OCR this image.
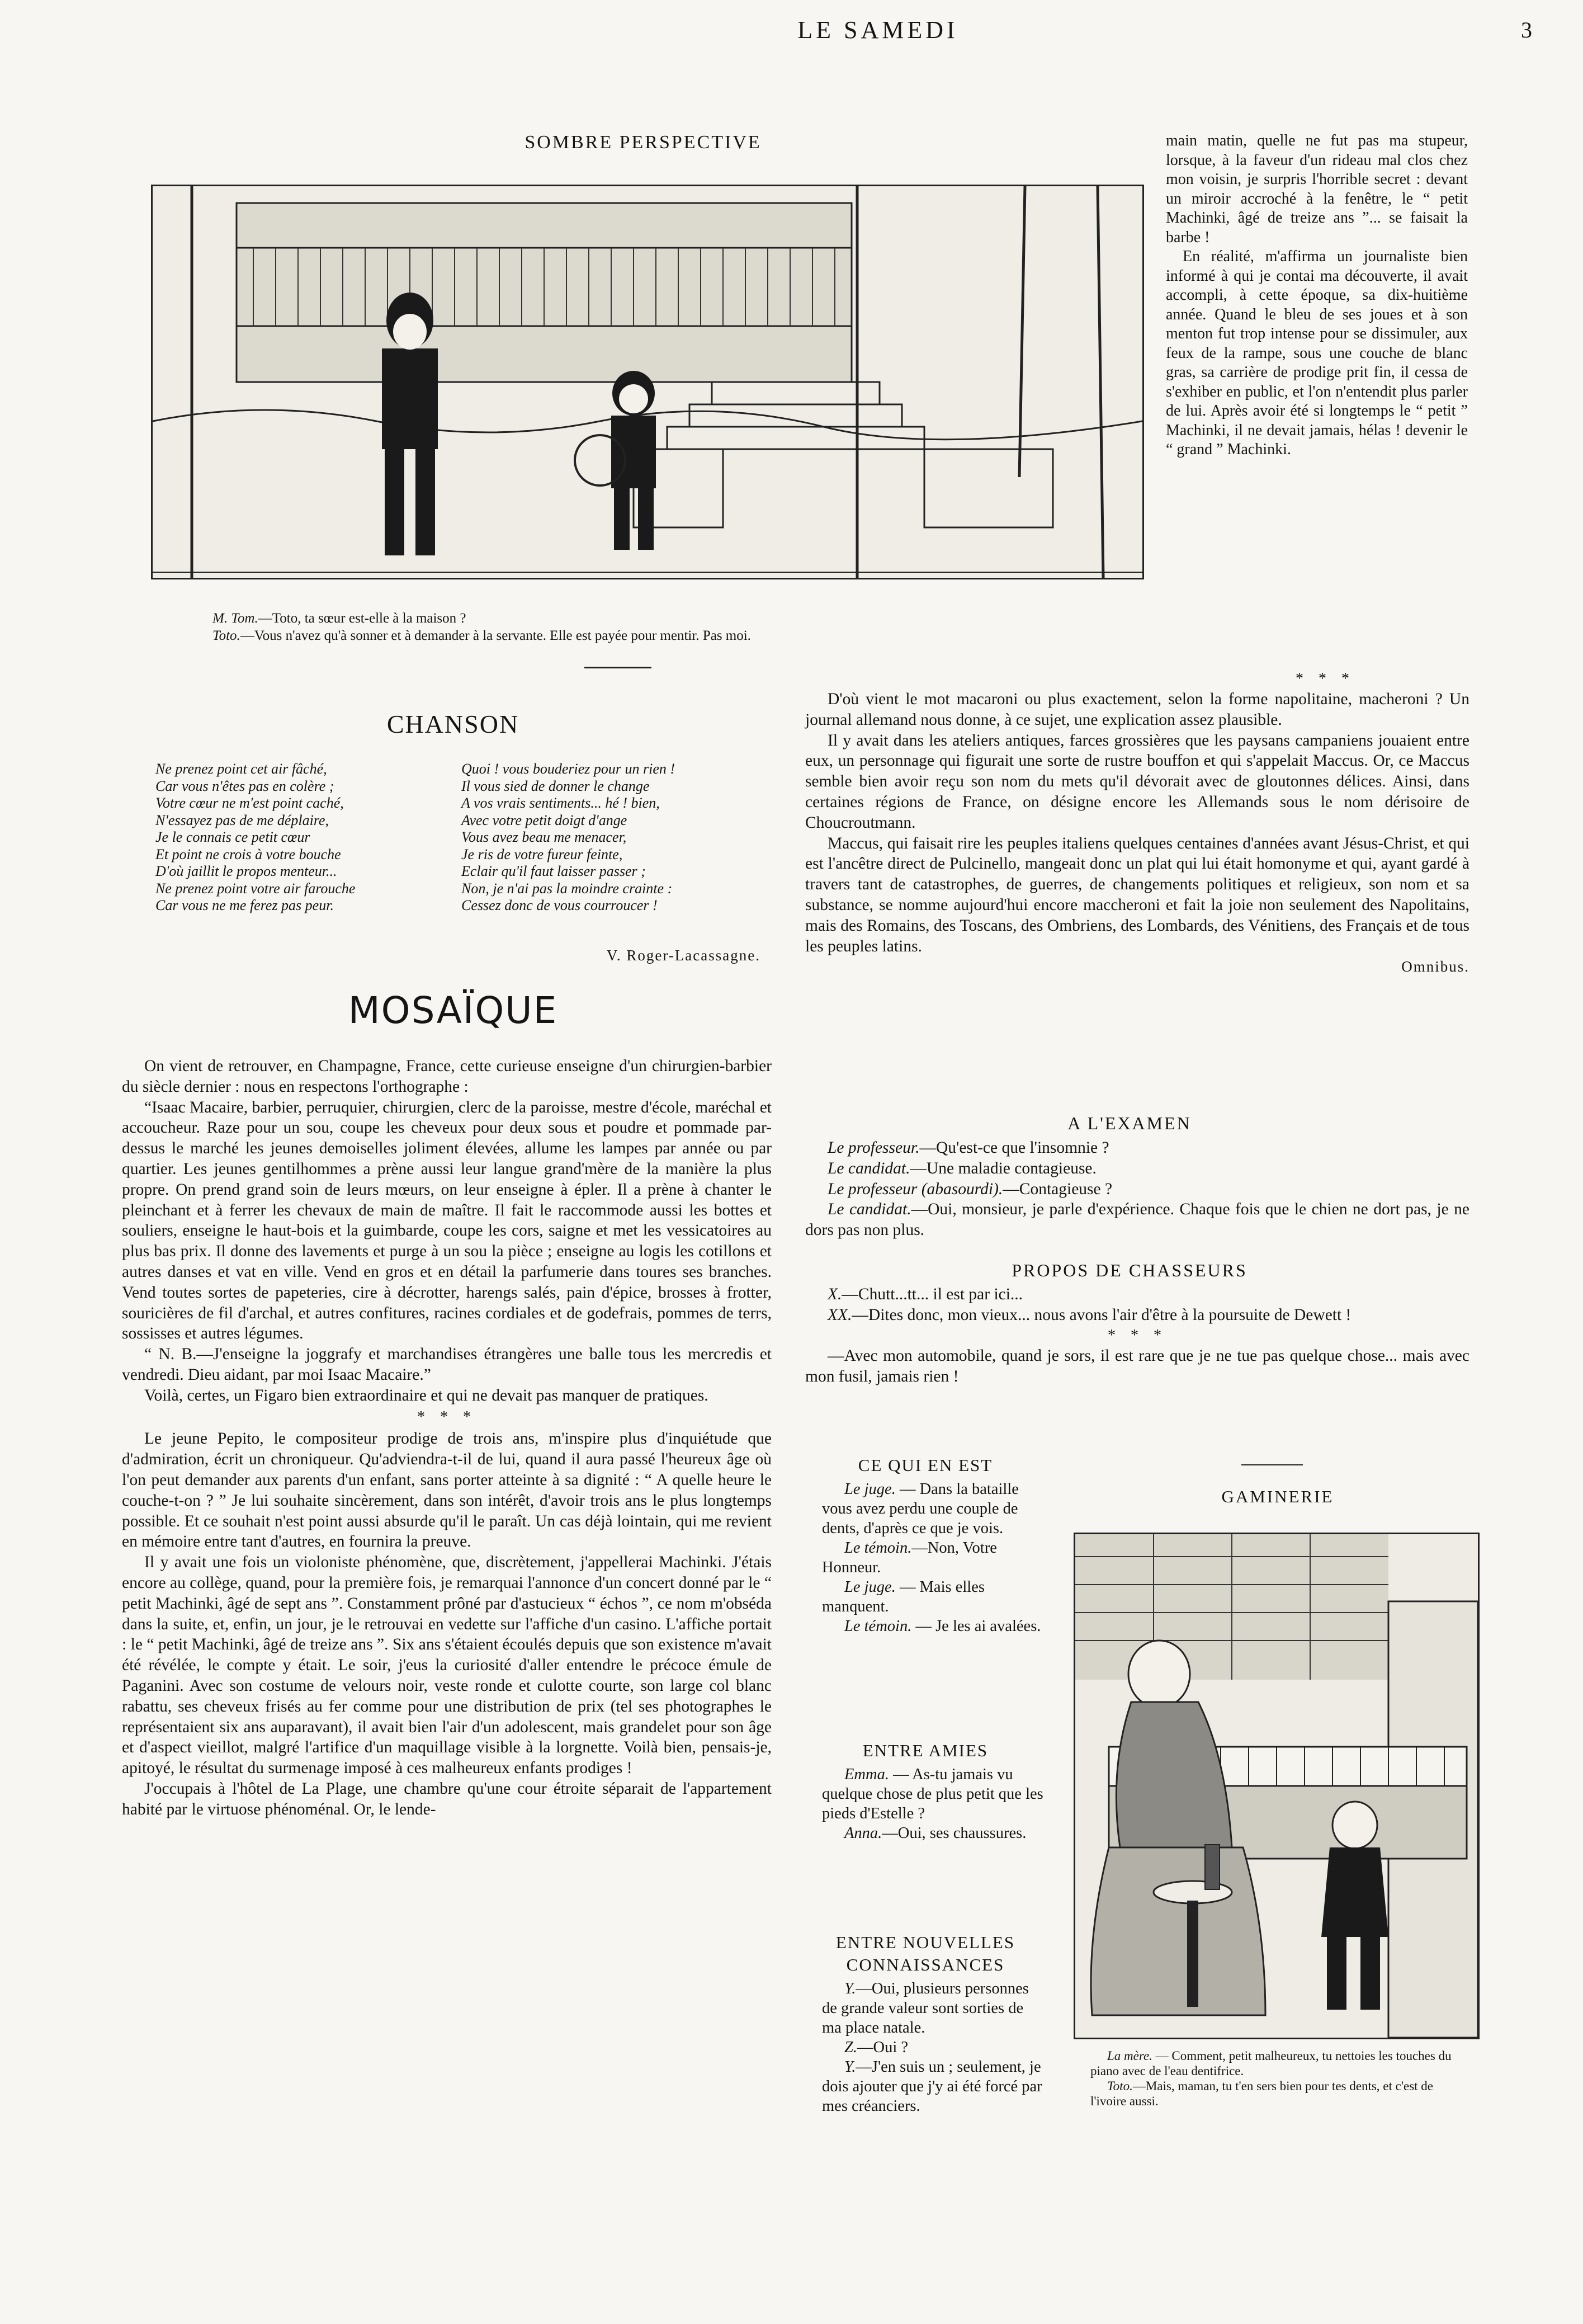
LE SAMEDI	3
SOMBRE PERSPECTIVE

M. Tom.—Toto, ta sœur est-elle à la maison ?

Toto.—Vous n'avez qu'à sonner et à demander à la servante. Elle est payée pour mentir. Pas moi.

main matin, quelle ne fut pas ma stupeur, lorsque, à la faveur d'un rideau mal clos chez mon voisin, je surpris l'horrible secret : devant un miroir accroché à la fenêtre, le “ petit Machinki, âgé de treize ans ”... se faisait la barbe !

En réalité, m'affirma un journaliste bien informé à qui je contai ma découverte, il avait accompli, à cette époque, sa dix-huitième année. Quand le bleu de ses joues et à son menton fut trop intense pour se dissimuler, aux feux de la rampe, sous une couche de blanc gras, sa carrière de prodige prit fin, il cessa de s'exhiber en public, et l'on n'entendit plus parler de lui. Après avoir été si longtemps le “ petit ” Machinki, il ne devait jamais, hélas ! devenir le “ grand ” Machinki.

* * *
CHANSON
Ne prenez point cet air fâché,
Car vous n'êtes pas en colère ;
Votre cœur ne m'est point caché,
N'essayez pas de me déplaire,
Je le connais ce petit cœur
Et point ne crois à votre bouche
D'où jaillit le propos menteur...
Ne prenez point votre air farouche
Car vous ne me ferez pas peur.
Quoi ! vous bouderiez pour un rien !
Il vous sied de donner le change
A vos vrais sentiments... hé ! bien,
Avec votre petit doigt d'ange
Vous avez beau me menacer,
Je ris de votre fureur feinte,
Eclair qu'il faut laisser passer ;
Non, je n'ai pas la moindre crainte :
Cessez donc de vous courroucer !
V. Roger-Lacassagne.
MOSAÏQUE

On vient de retrouver, en Champagne, France, cette curieuse enseigne d'un chirurgien-barbier du siècle dernier : nous en respectons l'orthographe :

“Isaac Macaire, barbier, perruquier, chirurgien, clerc de la paroisse, mestre d'école, maréchal et accoucheur. Raze pour un sou, coupe les cheveux pour deux sous et poudre et pommade par-dessus le marché les jeunes demoiselles joliment élevées, allume les lampes par année ou par quartier. Les jeunes gentilhommes a prène aussi leur langue grand'mère de la manière la plus propre. On prend grand soin de leurs mœurs, on leur enseigne à épler. Il a prène à chanter le pleinchant et à ferrer les chevaux de main de maître. Il fait le raccommode aussi les bottes et souliers, enseigne le haut-bois et la guimbarde, coupe les cors, saigne et met les vessicatoires au plus bas prix. Il donne des lavements et purge à un sou la pièce ; enseigne au logis les cotillons et autres danses et vat en ville. Vend en gros et en détail la parfumerie dans toures ses branches. Vend toutes sortes de papeteries, cire à décrotter, harengs salés, pain d'épice, brosses à frotter, souricières de fil d'archal, et autres confitures, racines cordiales et de godefrais, pommes de terrs, sossisses et autres légumes.

“ N. B.—J'enseigne la joggrafy et marchandises étrangères une balle tous les mercredis et vendredi. Dieu aidant, par moi Isaac Macaire.”

Voilà, certes, un Figaro bien extraordinaire et qui ne devait pas manquer de pratiques.

* * *

Le jeune Pepito, le compositeur prodige de trois ans, m'inspire plus d'inquiétude que d'admiration, écrit un chroniqueur. Qu'adviendra-t-il de lui, quand il aura passé l'heureux âge où l'on peut demander aux parents d'un enfant, sans porter atteinte à sa dignité : “ A quelle heure le couche-t-on ? ” Je lui souhaite sincèrement, dans son intérêt, d'avoir trois ans le plus longtemps possible. Et ce souhait n'est point aussi absurde qu'il le paraît. Un cas déjà lointain, qui me revient en mémoire entre tant d'autres, en fournira la preuve.

Il y avait une fois un violoniste phénomène, que, discrètement, j'appellerai Machinki. J'étais encore au collège, quand, pour la première fois, je remarquai l'annonce d'un concert donné par le “ petit Machinki, âgé de sept ans ”. Constamment prôné par d'astucieux “ échos ”, ce nom m'obséda dans la suite, et, enfin, un jour, je le retrouvai en vedette sur l'affiche d'un casino. L'affiche portait : le “ petit Machinki, âgé de treize ans ”. Six ans s'étaient écoulés depuis que son existence m'avait été révélée, le compte y était. Le soir, j'eus la curiosité d'aller entendre le précoce émule de Paganini. Avec son costume de velours noir, veste ronde et culotte courte, son large col blanc rabattu, ses cheveux frisés au fer comme pour une distribution de prix (tel ses photographes le représentaient six ans auparavant), il avait bien l'air d'un adolescent, mais grandelet pour son âge et d'aspect vieillot, malgré l'artifice d'un maquillage visible à la lorgnette. Voilà bien, pensais-je, apitoyé, le résultat du surmenage imposé à ces malheureux enfants prodiges !

J'occupais à l'hôtel de La Plage, une chambre qu'une cour étroite séparait de l'appartement habité par le virtuose phénoménal. Or, le lende-

D'où vient le mot macaroni ou plus exactement, selon la forme napolitaine, macheroni ? Un journal allemand nous donne, à ce sujet, une explication assez plausible.

Il y avait dans les ateliers antiques, farces grossières que les paysans campaniens jouaient entre eux, un personnage qui figurait une sorte de rustre bouffon et qui s'appelait Maccus. Or, ce Maccus semble bien avoir reçu son nom du mets qu'il dévorait avec de gloutonnes délices. Ainsi, dans certaines régions de France, on désigne encore les Allemands sous le nom dérisoire de Choucroutmann.

Maccus, qui faisait rire les peuples italiens quelques centaines d'années avant Jésus-Christ, et qui est l'ancêtre direct de Pulcinello, mangeait donc un plat qui lui était homonyme et qui, ayant gardé à travers tant de catastrophes, de guerres, de changements politiques et religieux, son nom et sa substance, se nomme aujourd'hui encore maccheroni et fait la joie non seulement des Napolitains, mais des Romains, des Toscans, des Ombriens, des Lombards, des Vénitiens, des Français et de tous les peuples latins.

Omnibus.
A L'EXAMEN

Le professeur.—Qu'est-ce que l'insomnie ?

Le candidat.—Une maladie contagieuse.

Le professeur (abasourdi).—Contagieuse ?

Le candidat.—Oui, monsieur, je parle d'expérience. Chaque fois que le chien ne dort pas, je ne dors pas non plus.

PROPOS DE CHASSEURS

X.—Chutt...tt... il est par ici...

XX.—Dites donc, mon vieux... nous avons l'air d'être à la poursuite de Dewett !

* * *

—Avec mon automobile, quand je sors, il est rare que je ne tue pas quelque chose... mais avec mon fusil, jamais rien !

CE QUI EN EST

Le juge. — Dans la bataille vous avez perdu une couple de dents, d'après ce que je vois.

Le témoin.—Non, Votre Honneur.

Le juge. — Mais elles manquent.

Le témoin. — Je les ai avalées.

ENTRE AMIES

Emma. — As-tu jamais vu quelque chose de plus petit que les pieds d'Estelle ?

Anna.—Oui, ses chaussures.

ENTRE NOUVELLES CONNAISSANCES

Y.—Oui, plusieurs personnes de grande valeur sont sorties de ma place natale.

Z.—Oui ?

Y.—J'en suis un ; seulement, je dois ajouter que j'y ai été forcé par mes créanciers.

GAMINERIE

La mère. — Comment, petit malheureux, tu nettoies les touches du piano avec de l'eau dentifrice.

Toto.—Mais, maman, tu t'en sers bien pour tes dents, et c'est de l'ivoire aussi.
